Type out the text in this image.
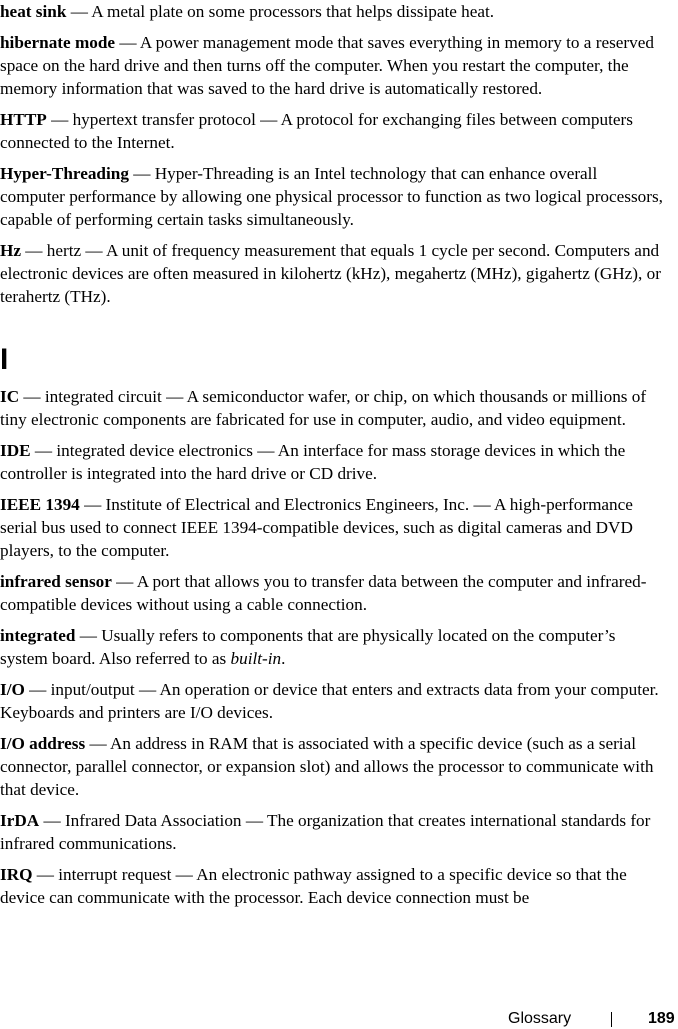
heat sink — A metal plate on some processors that helps dissipate heat.
hibernate mode — A power management mode that saves everything in memory to a reserved space on the hard drive and then turns off the computer. When you restart the computer, the memory information that was saved to the hard drive is automatically restored.
HTTP — hypertext transfer protocol — A protocol for exchanging files between computers connected to the Internet.
Hyper-Threading — Hyper-Threading is an Intel technology that can enhance overall computer performance by allowing one physical processor to function as two logical processors, capable of performing certain tasks simultaneously.
Hz — hertz — A unit of frequency measurement that equals 1 cycle per second. Computers and electronic devices are often measured in kilohertz (kHz), megahertz (MHz), gigahertz (GHz), or terahertz (THz).
I
IC — integrated circuit — A semiconductor wafer, or chip, on which thousands or millions of tiny electronic components are fabricated for use in computer, audio, and video equipment.
IDE — integrated device electronics — An interface for mass storage devices in which the controller is integrated into the hard drive or CD drive.
IEEE 1394 — Institute of Electrical and Electronics Engineers, Inc. — A high-performance serial bus used to connect IEEE 1394-compatible devices, such as digital cameras and DVD players, to the computer.
infrared sensor — A port that allows you to transfer data between the computer and infrared-compatible devices without using a cable connection.
integrated — Usually refers to components that are physically located on the computer’s system board. Also referred to as built-in.
I/O — input/output — An operation or device that enters and extracts data from your computer. Keyboards and printers are I/O devices.
I/O address — An address in RAM that is associated with a specific device (such as a serial connector, parallel connector, or expansion slot) and allows the processor to communicate with that device.
IrDA — Infrared Data Association — The organization that creates international standards for infrared communications.
IRQ — interrupt request — An electronic pathway assigned to a specific device so that the device can communicate with the processor. Each device connection must be
Glossary	189
